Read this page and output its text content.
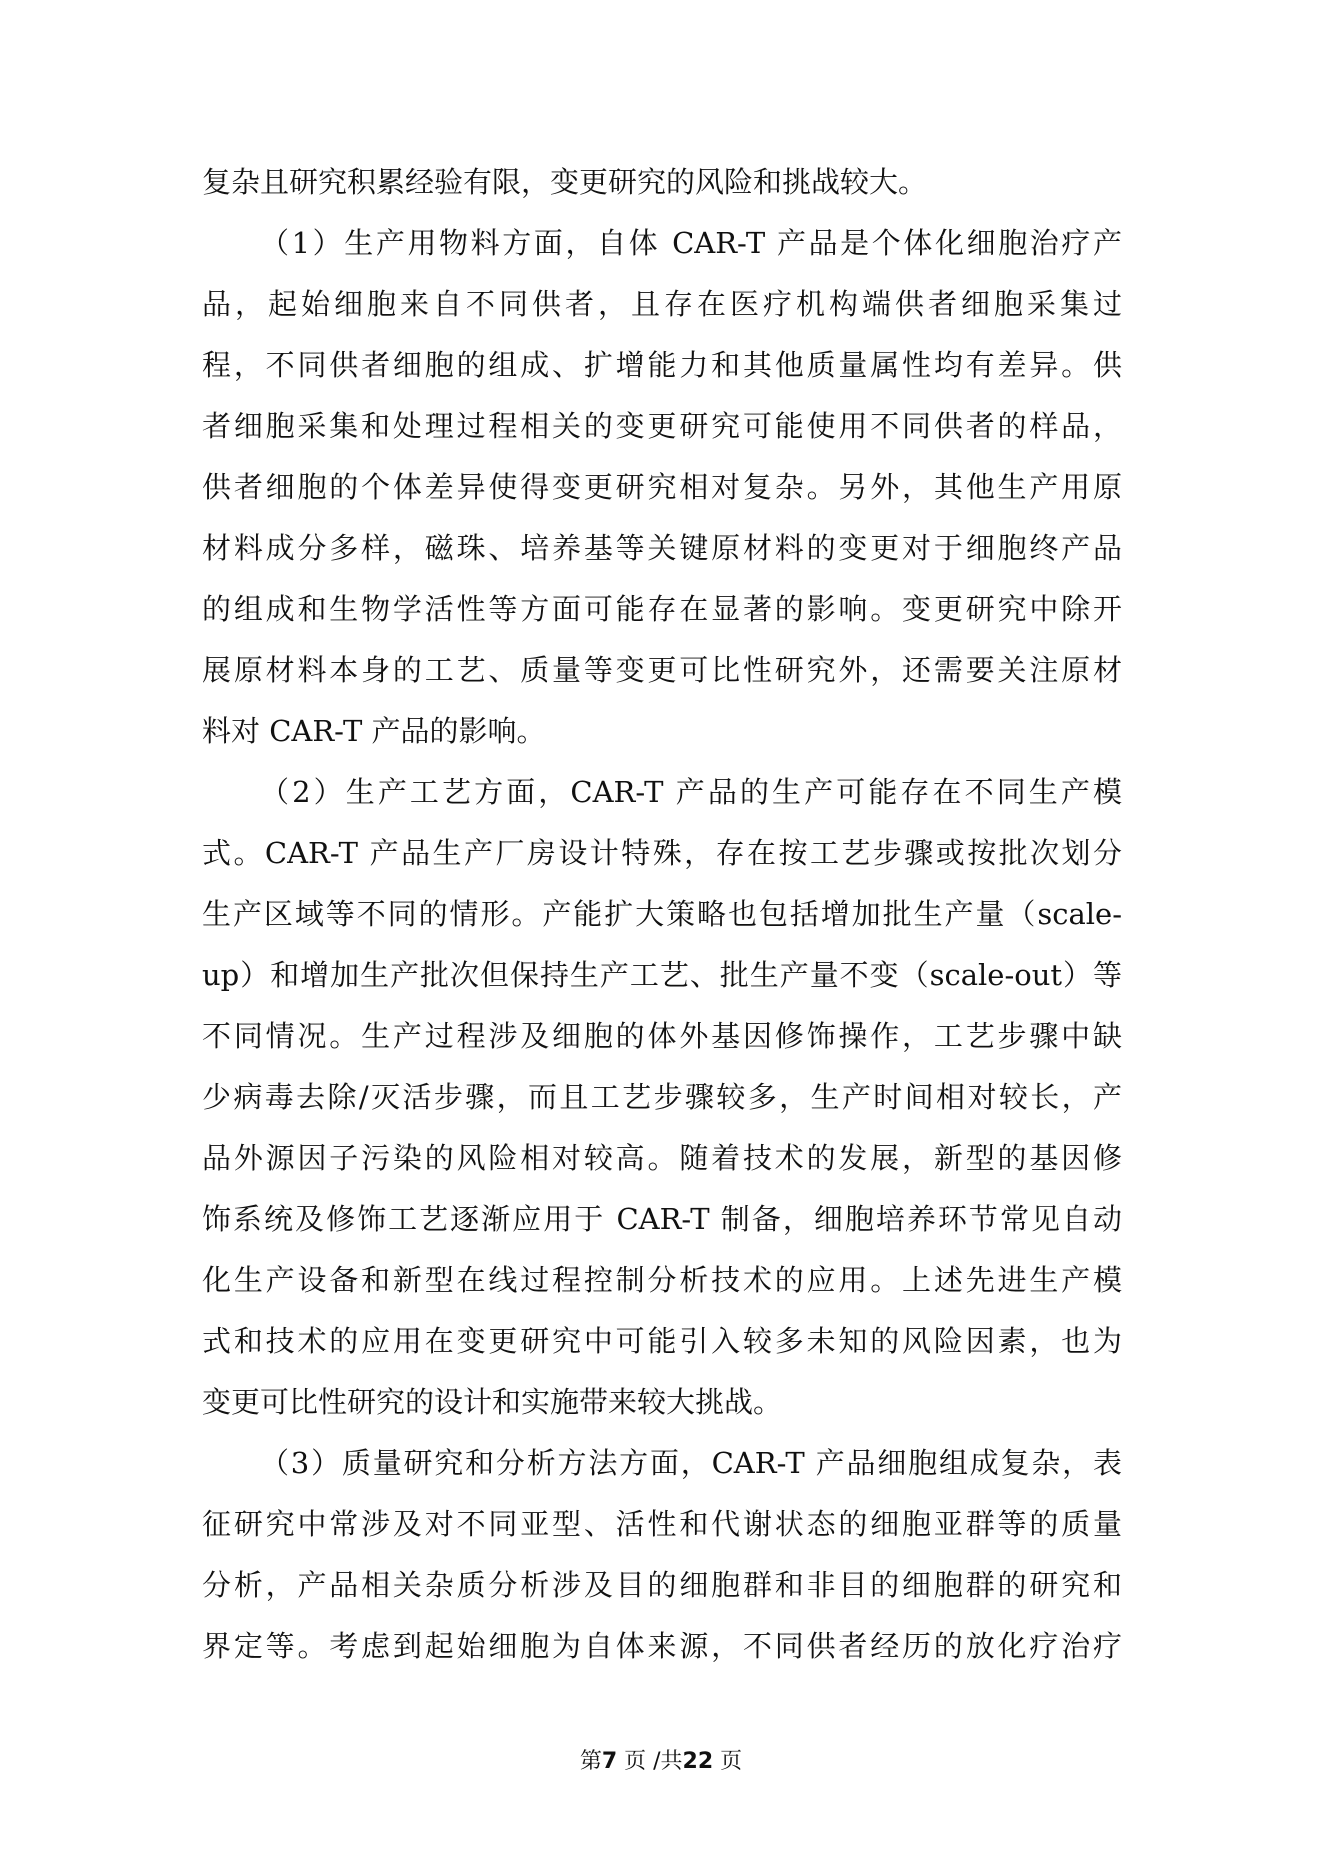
复杂且研究积累经验有限，变更研究的风险和挑战较大。
（1）生产用物料方面，自体 CAR-T 产品是个体化细胞治疗产
品，起始细胞来自不同供者，且存在医疗机构端供者细胞采集过
程，不同供者细胞的组成、扩增能力和其他质量属性均有差异。供
者细胞采集和处理过程相关的变更研究可能使用不同供者的样品，
供者细胞的个体差异使得变更研究相对复杂。另外，其他生产用原
材料成分多样，磁珠、培养基等关键原材料的变更对于细胞终产品
的组成和生物学活性等方面可能存在显著的影响。变更研究中除开
展原材料本身的工艺、质量等变更可比性研究外，还需要关注原材
料对 CAR-T 产品的影响。
（2）生产工艺方面，CAR-T 产品的生产可能存在不同生产模
式。CAR-T 产品生产厂房设计特殊，存在按工艺步骤或按批次划分
生产区域等不同的情形。产能扩大策略也包括增加批生产量（scale-
up）和增加生产批次但保持生产工艺、批生产量不变（scale-out）等
不同情况。生产过程涉及细胞的体外基因修饰操作，工艺步骤中缺
少病毒去除/灭活步骤，而且工艺步骤较多，生产时间相对较长，产
品外源因子污染的风险相对较高。随着技术的发展，新型的基因修
饰系统及修饰工艺逐渐应用于 CAR-T 制备，细胞培养环节常见自动
化生产设备和新型在线过程控制分析技术的应用。上述先进生产模
式和技术的应用在变更研究中可能引入较多未知的风险因素，也为
变更可比性研究的设计和实施带来较大挑战。
（3）质量研究和分析方法方面，CAR-T 产品细胞组成复杂，表
征研究中常涉及对不同亚型、活性和代谢状态的细胞亚群等的质量
分析，产品相关杂质分析涉及目的细胞群和非目的细胞群的研究和
界定等。考虑到起始细胞为自体来源，不同供者经历的放化疗治疗
第7 页 /共22 页
